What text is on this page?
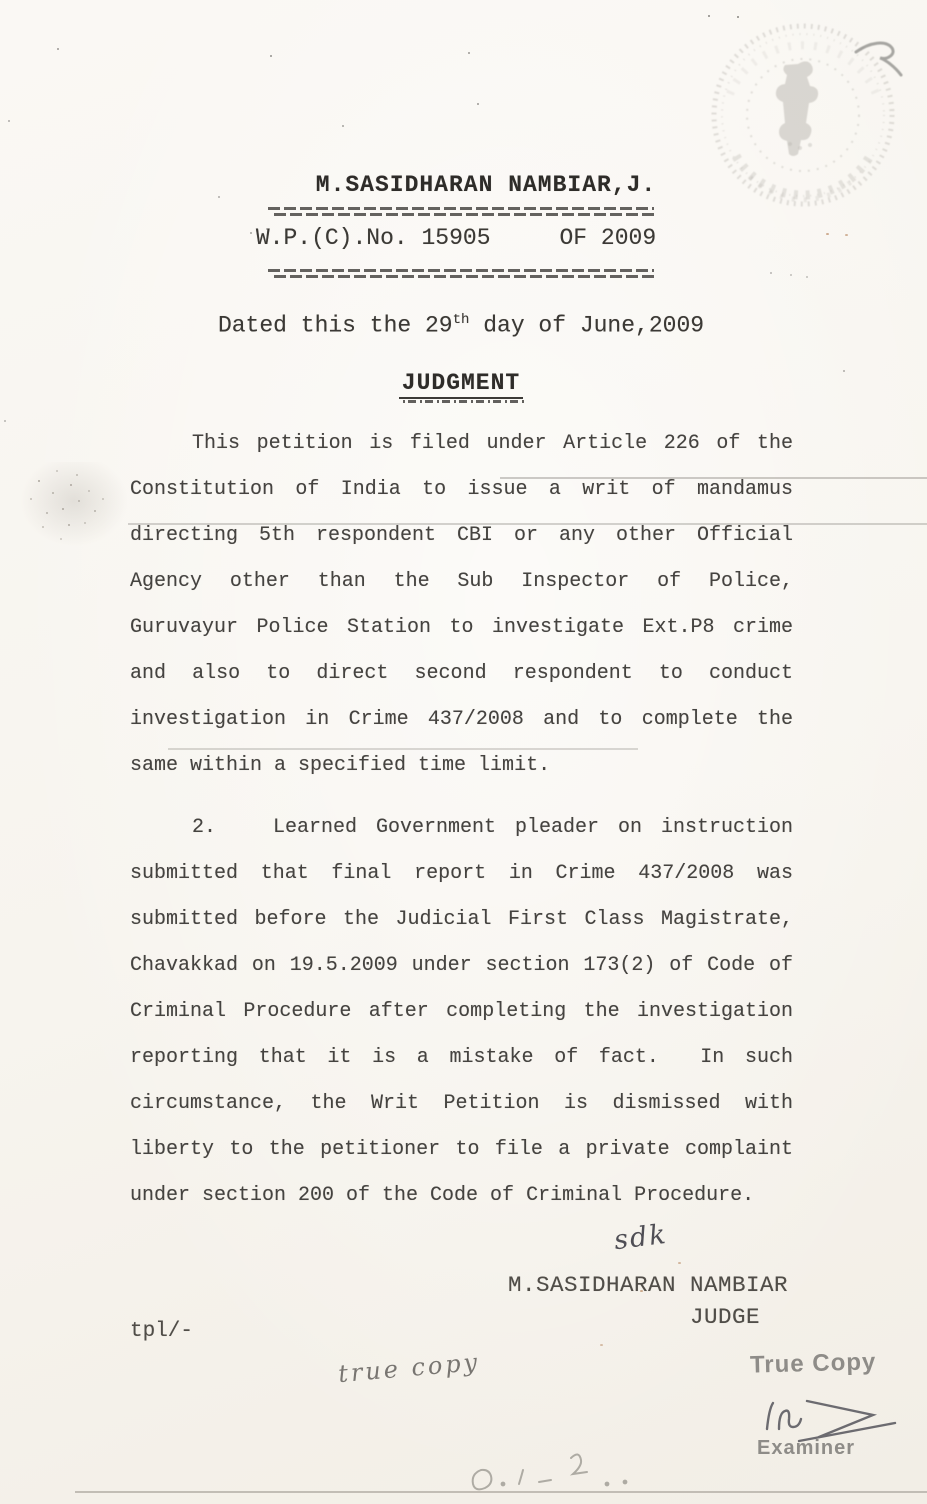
M.SASIDHARAN NAMBIAR,J.
W.P.(C).No. 15905     OF 2009
Dated this the 29th day of June,2009
JUDGMENT
This petition is filed under Article 226 of the
Constitution of India to issue a writ of mandamus
directing 5th respondent CBI or any other Official
Agency other than the Sub Inspector of Police,
Guruvayur Police Station to investigate Ext.P8 crime
and also to direct second respondent to conduct
investigation in Crime 437/2008 and to complete the
same within a specified time limit.
2.   Learned Government pleader on instruction
submitted that final report in Crime 437/2008 was
submitted before the Judicial First Class Magistrate,
Chavakkad on 19.5.2009 under section 173(2) of Code of
Criminal Procedure after completing the investigation
reporting that it is a mistake of fact.  In such
circumstance, the Writ Petition is dismissed with
liberty to the petitioner to file a private complaint
under section 200 of the Code of Criminal Procedure.
sdk
M.SASIDHARAN NAMBIAR
JUDGE
tpl/-
true copy	True Copy
Examiner
